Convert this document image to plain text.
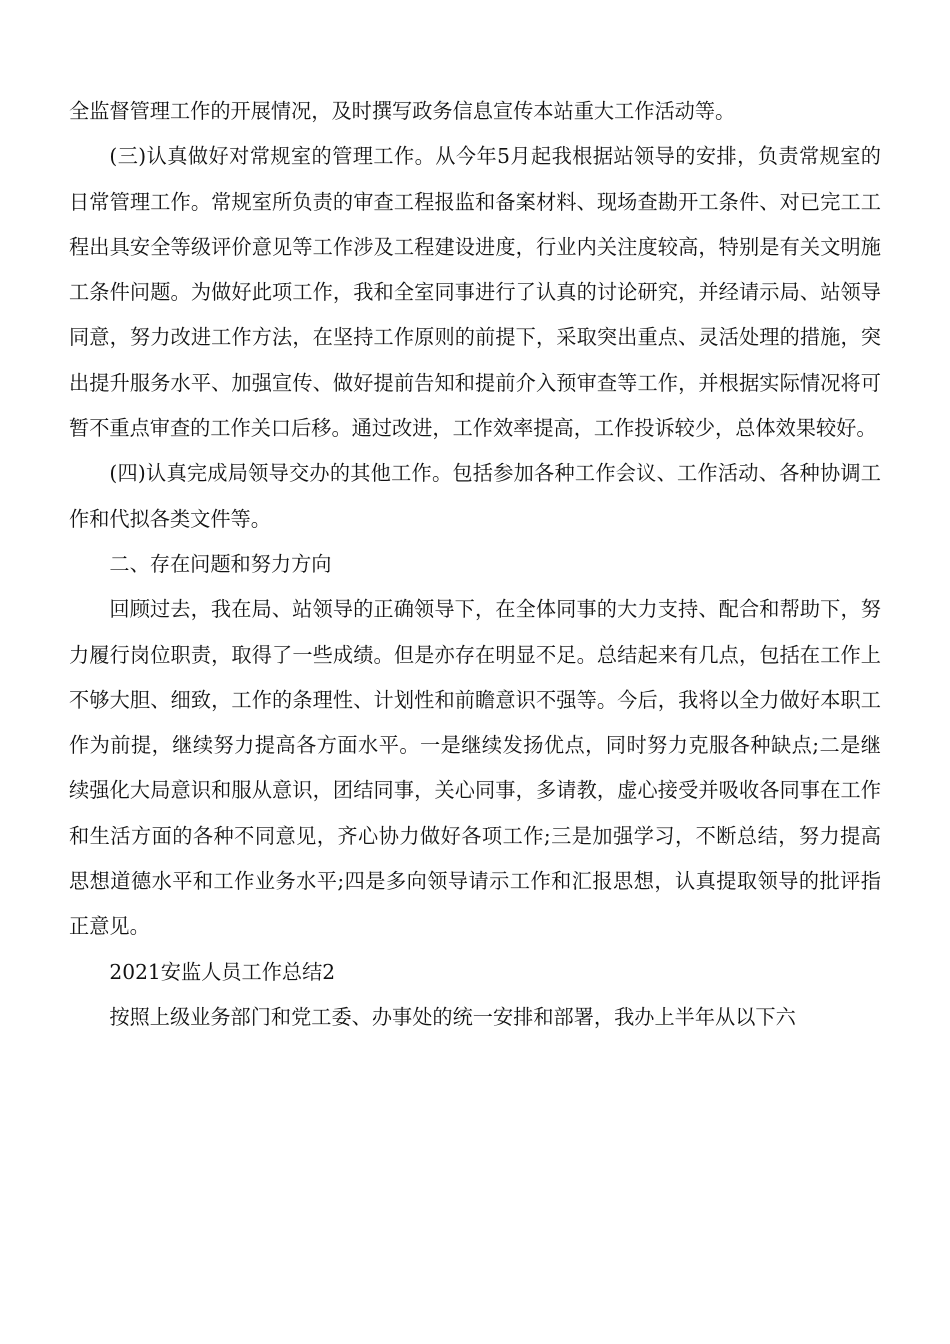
全监督管理工作的开展情况，及时撰写政务信息宣传本站重大工作活动等。

(三)认真做好对常规室的管理工作。从今年5月起我根据站领导的安排，负责常规室的日常管理工作。常规室所负责的审查工程报监和备案材料、现场查勘开工条件、对已完工工程出具安全等级评价意见等工作涉及工程建设进度，行业内关注度较高，特别是有关文明施工条件问题。为做好此项工作，我和全室同事进行了认真的讨论研究，并经请示局、站领导同意，努力改进工作方法，在坚持工作原则的前提下，采取突出重点、灵活处理的措施，突出提升服务水平、加强宣传、做好提前告知和提前介入预审查等工作，并根据实际情况将可暂不重点审查的工作关口后移。通过改进，工作效率提高，工作投诉较少，总体效果较好。

(四)认真完成局领导交办的其他工作。包括参加各种工作会议、工作活动、各种协调工作和代拟各类文件等。

二、存在问题和努力方向

回顾过去，我在局、站领导的正确领导下，在全体同事的大力支持、配合和帮助下，努力履行岗位职责，取得了一些成绩。但是亦存在明显不足。总结起来有几点，包括在工作上不够大胆、细致，工作的条理性、计划性和前瞻意识不强等。今后，我将以全力做好本职工作为前提，继续努力提高各方面水平。一是继续发扬优点，同时努力克服各种缺点;二是继续强化大局意识和服从意识，团结同事，关心同事，多请教，虚心接受并吸收各同事在工作和生活方面的各种不同意见，齐心协力做好各项工作;三是加强学习，不断总结，努力提高思想道德水平和工作业务水平;四是多向领导请示工作和汇报思想，认真提取领导的批评指正意见。

2021安监人员工作总结2

按照上级业务部门和党工委、办事处的统一安排和部署，我办上半年从以下六
